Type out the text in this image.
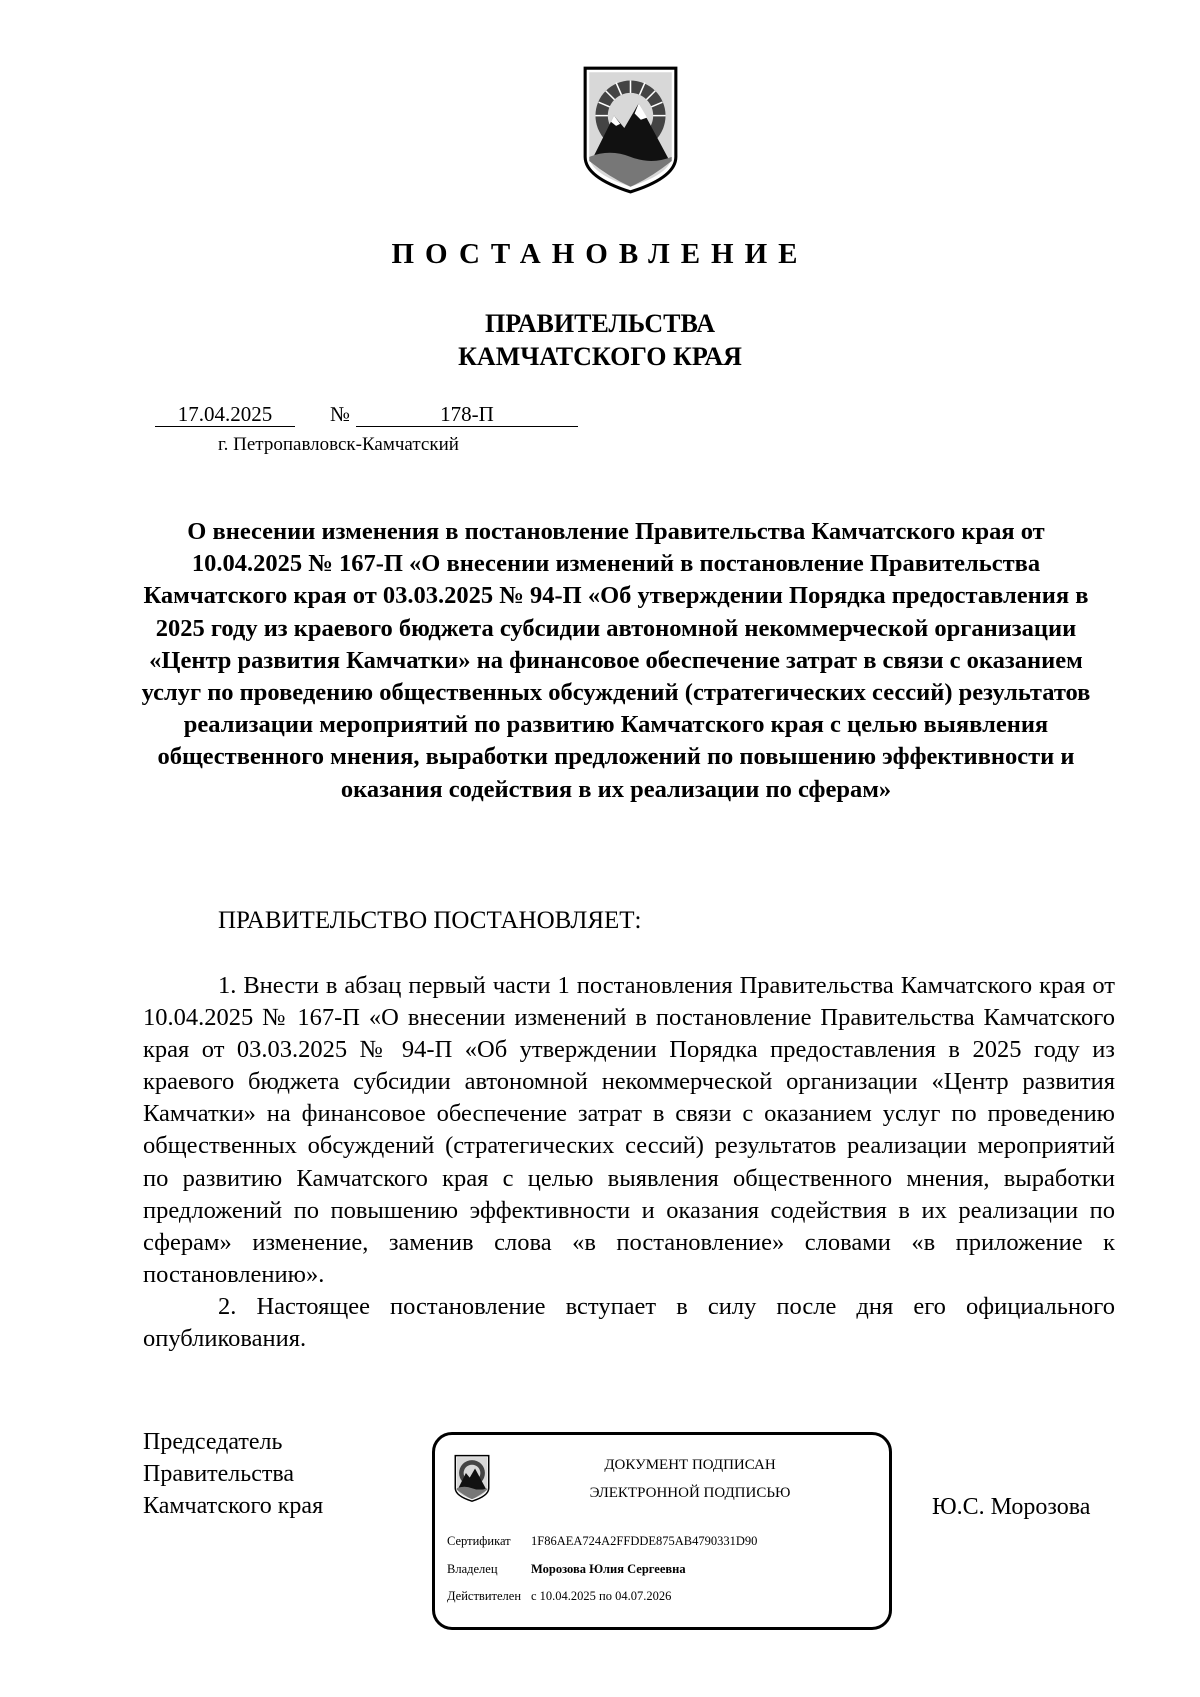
ПОСТАНОВЛЕНИЕ
ПРАВИТЕЛЬСТВА
КАМЧАТСКОГО КРАЯ
17.04.2025	№	178-П
г. Петропавловск-Камчатский
О внесении изменения в постановление Правительства Камчатского края от 10.04.2025 № 167-П «О внесении изменений в постановление Правительства Камчатского края от 03.03.2025 № 94-П «Об утверждении Порядка предоставления в 2025 году из краевого бюджета субсидии автономной некоммерческой организации «Центр развития Камчатки» на финансовое обеспечение затрат в связи с оказанием услуг по проведению общественных обсуждений (стратегических сессий) результатов реализации мероприятий по развитию Камчатского края с целью выявления общественного мнения, выработки предложений по повышению эффективности и оказания содействия в их реализации по сферам»
ПРАВИТЕЛЬСТВО ПОСТАНОВЛЯЕТ:

1. Внести в абзац первый части 1 постановления Правительства Камчатского края от 10.04.2025 № 167-П «О внесении изменений в постановление Правительства Камчатского края от 03.03.2025 № 94-П «Об утверждении Порядка предоставления в 2025 году из краевого бюджета субсидии автономной некоммерческой организации «Центр развития Камчатки» на финансовое обеспечение затрат в связи с оказанием услуг по проведению общественных обсуждений (стратегических сессий) результатов реализации мероприятий по развитию Камчатского края с целью выявления общественного мнения, выработки предложений по повышению эффективности и оказания содействия в их реализации по сферам» изменение, заменив слова «в постановление» словами «в приложение к постановлению».

2. Настоящее постановление вступает в силу после дня его официального опубликования.

Председатель
Правительства
Камчатского края
ДОКУМЕНТ ПОДПИСАН
ЭЛЕКТРОННОЙ ПОДПИСЬЮ
Сертификат 1F86AEA724A2FFDDE875AB4790331D90
Владелец	Морозова Юлия Сергеевна
Действителен с 10.04.2025 по 04.07.2026
Ю.С. Морозова
